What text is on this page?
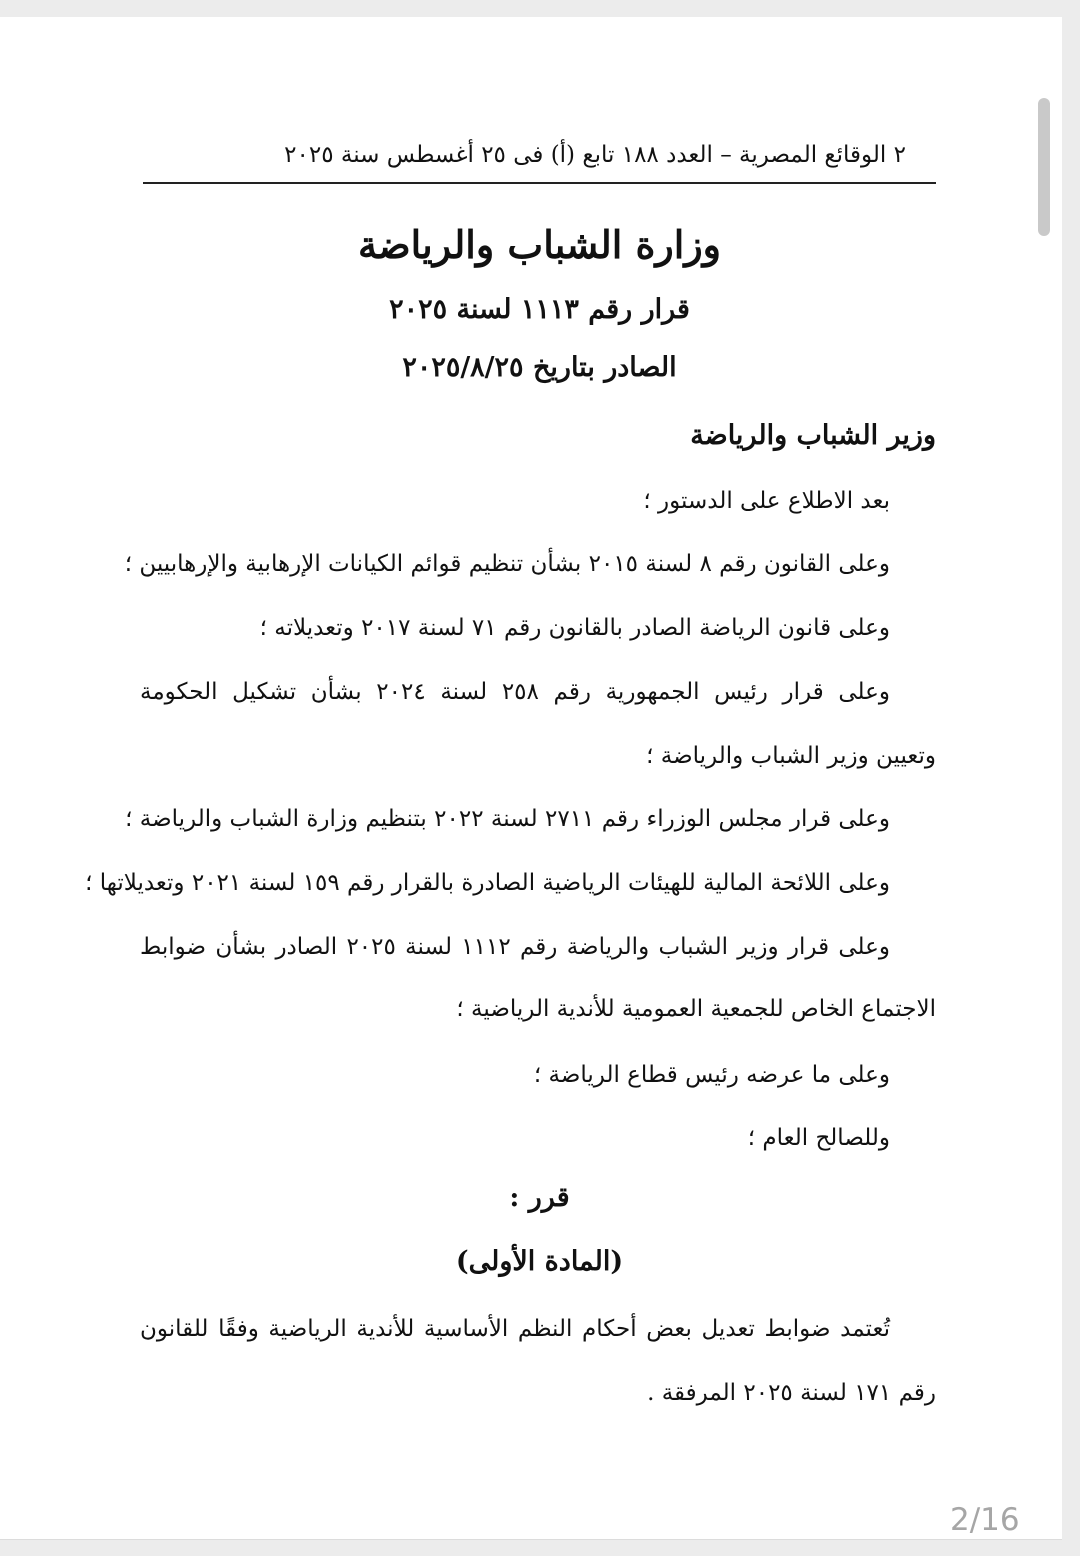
٢ الوقائع المصرية – العدد ١٨٨ تابع (أ) فى ٢٥ أغسطس سنة ٢٠٢٥
وزارة الشباب والرياضة
قرار رقم ١١١٣ لسنة ٢٠٢٥
الصادر بتاريخ ٢٠٢٥/٨/٢٥
وزير الشباب والرياضة
بعد الاطلاع على الدستور ؛
وعلى القانون رقم ٨ لسنة ٢٠١٥ بشأن تنظيم قوائم الكيانات الإرهابية والإرهابيين ؛
وعلى قانون الرياضة الصادر بالقانون رقم ٧١ لسنة ٢٠١٧ وتعديلاته ؛
وعلى قرار رئيس الجمهورية رقم ٢٥٨ لسنة ٢٠٢٤ بشأن تشكيل الحكومة
وتعيين وزير الشباب والرياضة ؛
وعلى قرار مجلس الوزراء رقم ٢٧١١ لسنة ٢٠٢٢ بتنظيم وزارة الشباب والرياضة ؛
وعلى اللائحة المالية للهيئات الرياضية الصادرة بالقرار رقم ١٥٩ لسنة ٢٠٢١ وتعديلاتها ؛
وعلى قرار وزير الشباب والرياضة رقم ١١١٢ لسنة ٢٠٢٥ الصادر بشأن ضوابط
الاجتماع الخاص للجمعية العمومية للأندية الرياضية ؛
وعلى ما عرضه رئيس قطاع الرياضة ؛
وللصالح العام ؛
قرر :
(المادة الأولى)
تُعتمد ضوابط تعديل بعض أحكام النظم الأساسية للأندية الرياضية وفقًا للقانون
رقم ١٧١ لسنة ٢٠٢٥ المرفقة .
2/16
